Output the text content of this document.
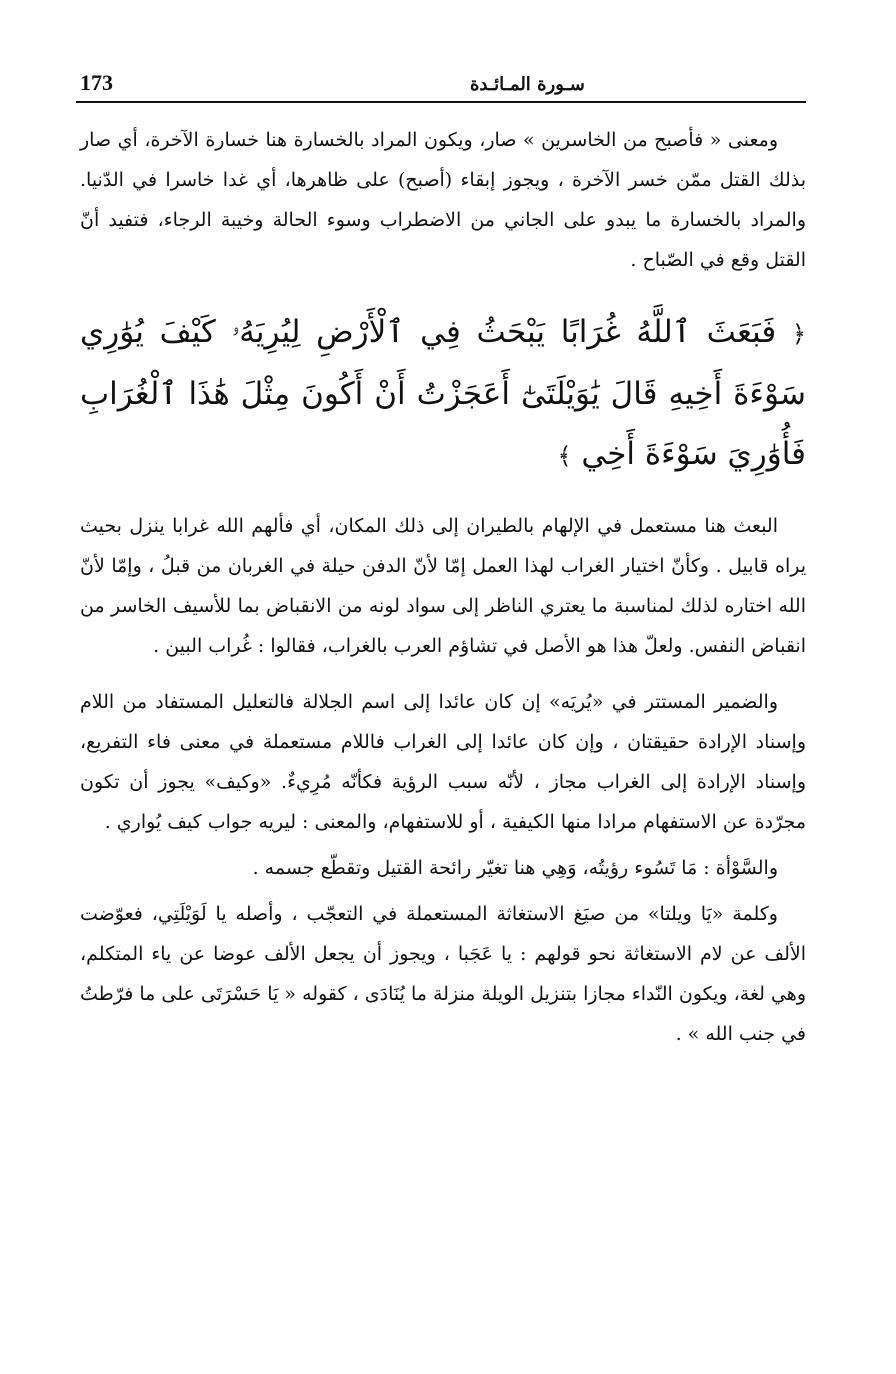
173	سـورة المـائـدة

ومعنى « فأصبح من الخاسرين » صار، ويكون المراد بالخسارة هنا خسارة الآخرة، أي صار بذلك القتل ممّن خسر الآخرة ، ويجوز إبقاء (أصبح) على ظاهرها، أي غدا خاسرا في الدّنيا. والمراد بالخسارة ما يبدو على الجاني من الاضطراب وسوء الحالة وخيبة الرجاء، فتفيد أنّ القتل وقع في الصّباح .

﴿ فَبَعَثَ ٱللَّهُ غُرَابًا يَبْحَثُ فِي ٱلْأَرْضِ لِيُرِيَهُۥ كَيْفَ يُوَٰرِي سَوْءَةَ أَخِيهِ قَالَ يَٰوَيْلَتَىٰٓ أَعَجَزْتُ أَنْ أَكُونَ مِثْلَ هَٰذَا ٱلْغُرَابِ فَأُوَٰرِيَ سَوْءَةَ أَخِي ﴾

البعث هنا مستعمل في الإلهام بالطيران إلى ذلك المكان، أي فألهم الله غرابا ينزل بحيث يراه قابيل . وكأنّ اختيار الغراب لهذا العمل إمّا لأنّ الدفن حيلة في الغربان من قبلُ ، وإمّا لأنّ الله اختاره لذلك لمناسبة ما يعتري الناظر إلى سواد لونه من الانقباض بما للأسيف الخاسر من انقباض النفس. ولعلّ هذا هو الأصل في تشاؤم العرب بالغراب، فقالوا : غُراب البين .

والضمير المستتر في «يُريَه» إن كان عائدا إلى اسم الجلالة فالتعليل المستفاد من اللام وإسناد الإرادة حقيقتان ، وإن كان عائدا إلى الغراب فاللام مستعملة في معنى فاء التفريع، وإسناد الإرادة إلى الغراب مجاز ، لأنّه سبب الرؤية فكأنّه مُرِيءٌ. «وكيف» يجوز أن تكون مجرّدة عن الاستفهام مرادا منها الكيفية ، أو للاستفهام، والمعنى : ليريه جواب كيف يُواري .

والسَّوْأة : مَا تَسُوء رؤيتُه، وَهِي هنا تغيّر رائحة القتيل وتقطّع جسمه .

وكلمة «يَا ويلتا» من صيَغ الاستغاثة المستعملة في التعجّب ، وأصله يا لَوَيْلَتِي، فعوّضت الألف عن لام الاستغاثة نحو قولهم : يا عَجَبا ، ويجوز أن يجعل الألف عوضا عن ياء المتكلم، وهي لغة، ويكون النّداء مجازا بتنزيل الويلة منزلة ما يُنَادَى ، كقوله « يَا حَسْرَتَى على ما فرّطتُ في جنب الله » .
